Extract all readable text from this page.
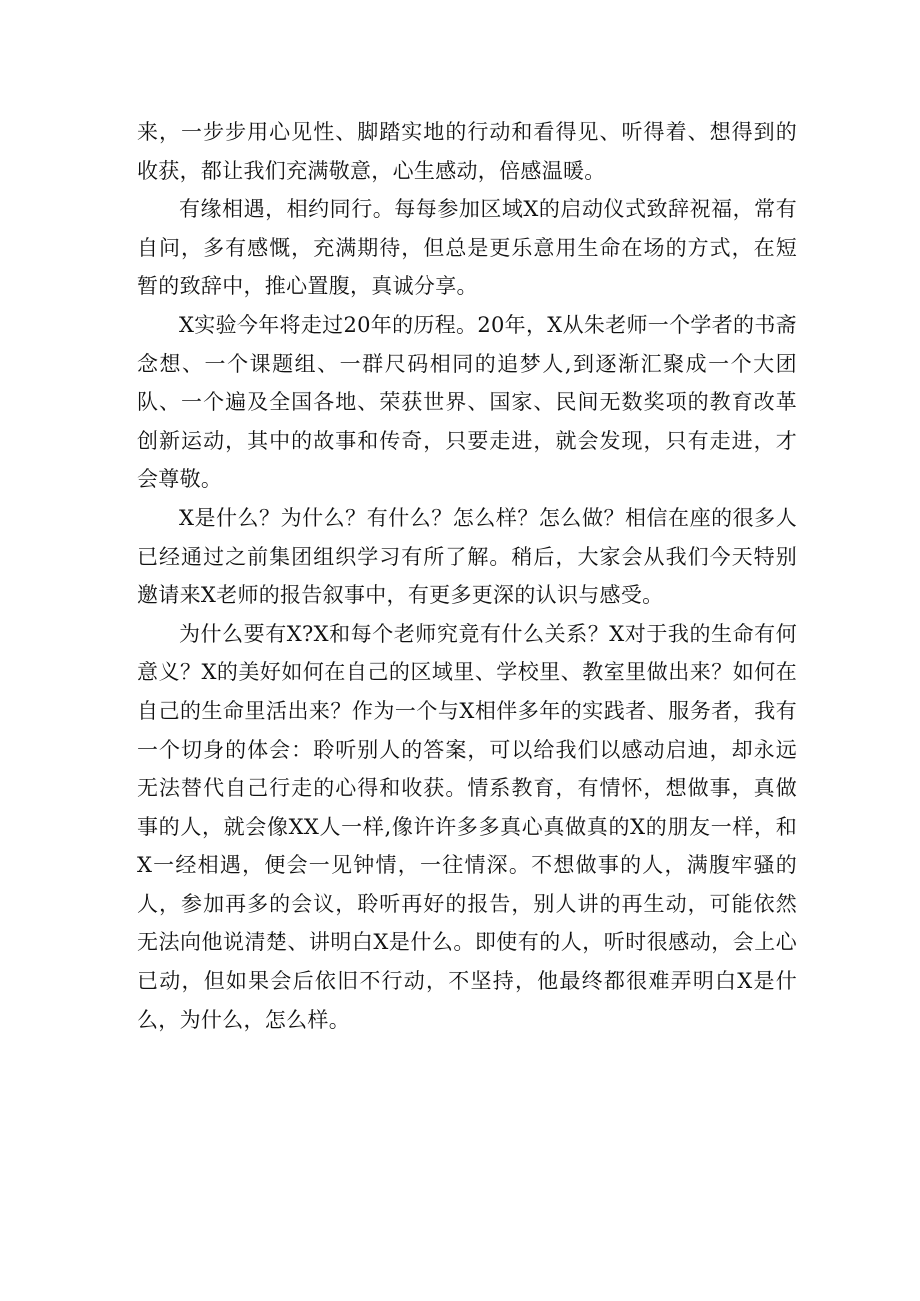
来，一步步用心见性、脚踏实地的行动和看得见、听得着、想得到的收获，都让我们充满敬意，心生感动，倍感温暖。

有缘相遇，相约同行。每每参加区域X的启动仪式致辞祝福，常有自问，多有感慨，充满期待，但总是更乐意用生命在场的方式，在短暂的致辞中，推心置腹，真诚分享。

X实验今年将走过20年的历程。20年，X从朱老师一个学者的书斋念想、一个课题组、一群尺码相同的追梦人,到逐渐汇聚成一个大团队、一个遍及全国各地、荣获世界、国家、民间无数奖项的教育改革创新运动，其中的故事和传奇，只要走进，就会发现，只有走进，才会尊敬。

X是什么？为什么？有什么？怎么样？怎么做？相信在座的很多人已经通过之前集团组织学习有所了解。稍后，大家会从我们今天特别邀请来X老师的报告叙事中，有更多更深的认识与感受。

为什么要有X?X和每个老师究竟有什么关系？X对于我的生命有何意义？X的美好如何在自己的区域里、学校里、教室里做出来？如何在自己的生命里活出来？作为一个与X相伴多年的实践者、服务者，我有一个切身的体会：聆听别人的答案，可以给我们以感动启迪，却永远无法替代自己行走的心得和收获。情系教育，有情怀，想做事，真做事的人，就会像XX人一样,像许许多多真心真做真的X的朋友一样，和X一经相遇，便会一见钟情，一往情深。不想做事的人，满腹牢骚的人，参加再多的会议，聆听再好的报告，别人讲的再生动，可能依然无法向他说清楚、讲明白X是什么。即使有的人，听时很感动，会上心已动，但如果会后依旧不行动，不坚持，他最终都很难弄明白X是什么，为什么，怎么样。
